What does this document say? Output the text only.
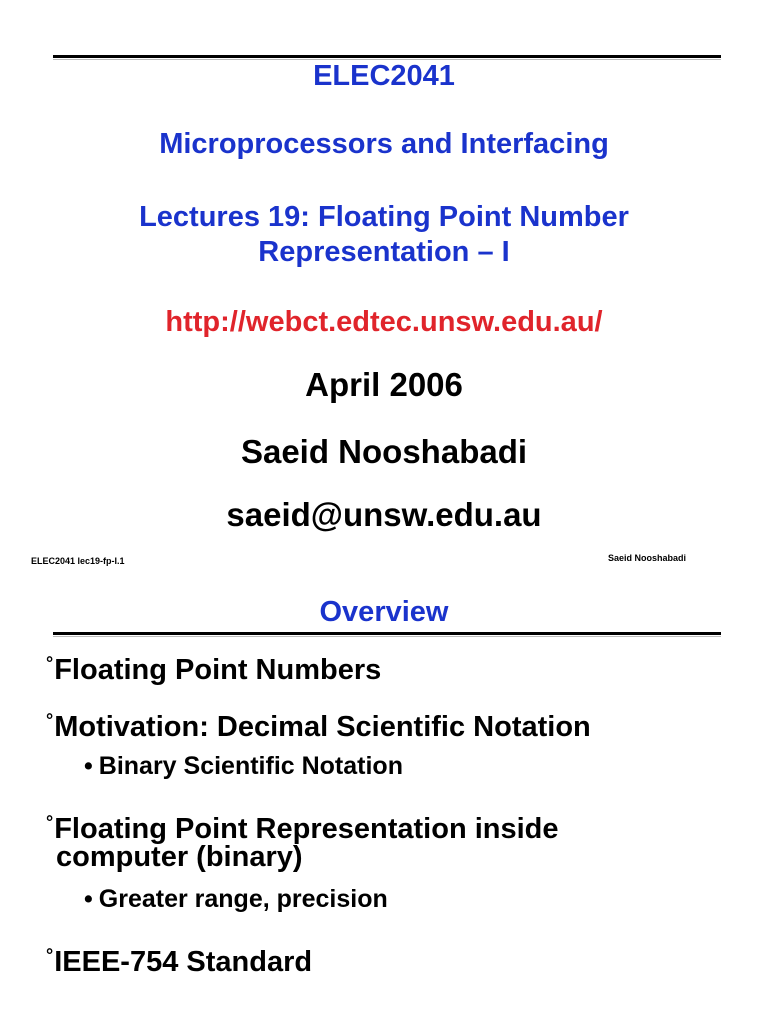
ELEC2041
Microprocessors and Interfacing
Lectures 19: Floating Point Number
Representation – I
http://webct.edtec.unsw.edu.au/
April 2006
Saeid Nooshabadi
saeid@unsw.edu.au
ELEC2041 lec19-fp-I.1	Saeid Nooshabadi
Overview
°Floating Point Numbers
°Motivation: Decimal Scientific Notation
• Binary Scientific Notation
°Floating Point Representation inside
computer (binary)
• Greater range, precision
°IEEE-754 Standard
